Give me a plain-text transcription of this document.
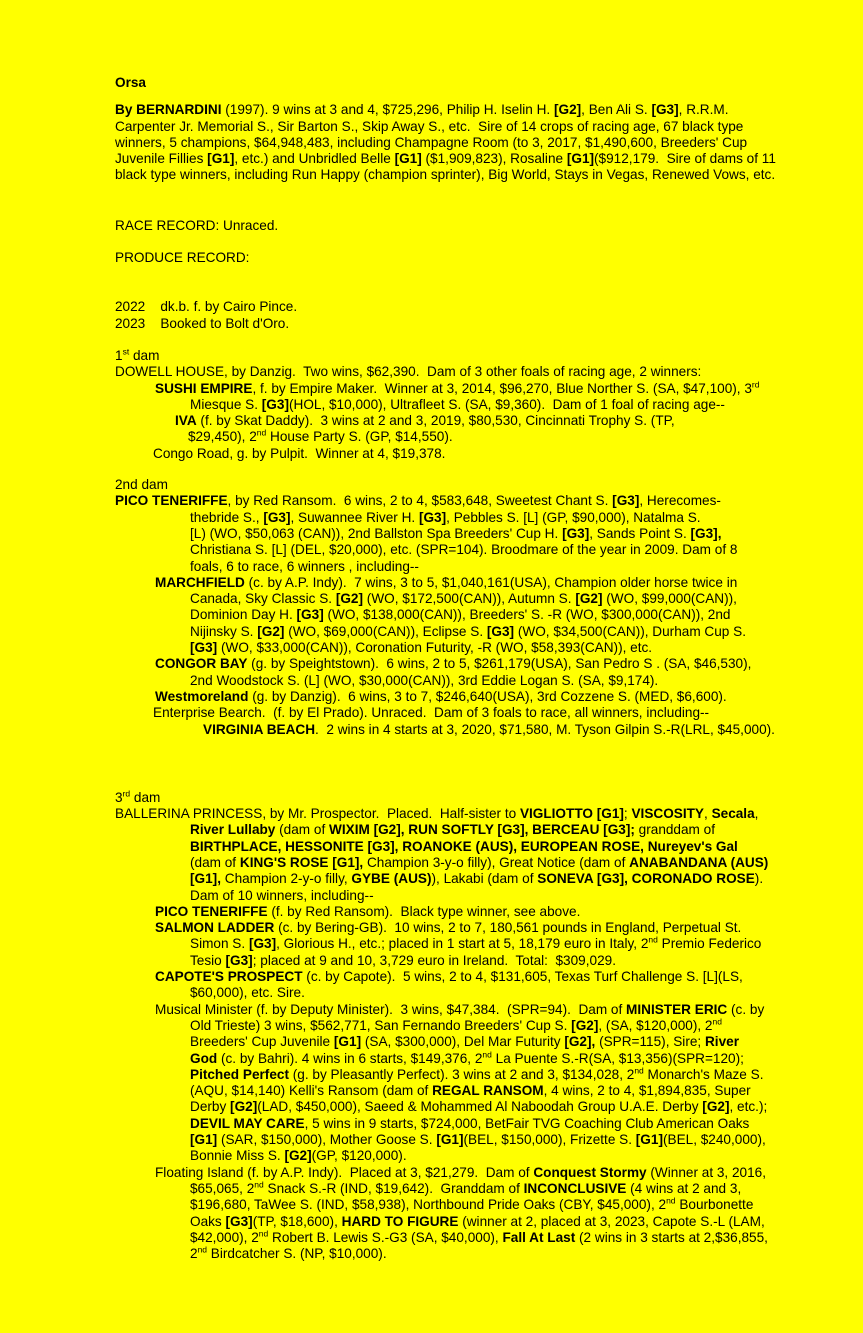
Orsa
By BERNARDINI (1997). 9 wins at 3 and 4, $725,296, Philip H. Iselin H. [G2], Ben Ali S. [G3], R.R.M.
Carpenter Jr. Memorial S., Sir Barton S., Skip Away S., etc.  Sire of 14 crops of racing age, 67 black type
winners, 5 champions, $64,948,483, including Champagne Room (to 3, 2017, $1,490,600, Breeders' Cup
Juvenile Fillies [G1], etc.) and Unbridled Belle [G1] ($1,909,823), Rosaline [G1]($912,179.  Sire of dams of 11
black type winners, including Run Happy (champion sprinter), Big World, Stays in Vegas, Renewed Vows, etc.
RACE RECORD: Unraced.
PRODUCE RECORD:
2022    dk.b. f. by Cairo Pince.
2023    Booked to Bolt d'Oro.
1st dam
DOWELL HOUSE, by Danzig.  Two wins, $62,390.  Dam of 3 other foals of racing age, 2 winners:
SUSHI EMPIRE, f. by Empire Maker.  Winner at 3, 2014, $96,270, Blue Norther S. (SA, $47,100), 3rd
Miesque S. [G3](HOL, $10,000), Ultrafleet S. (SA, $9,360).  Dam of 1 foal of racing age--
IVA (f. by Skat Daddy).  3 wins at 2 and 3, 2019, $80,530, Cincinnati Trophy S. (TP,
$29,450), 2nd House Party S. (GP, $14,550).
Congo Road, g. by Pulpit.  Winner at 4, $19,378.
2nd dam
PICO TENERIFFE, by Red Ransom.  6 wins, 2 to 4, $583,648, Sweetest Chant S. [G3], Herecomes-
thebride S., [G3], Suwannee River H. [G3], Pebbles S. [L] (GP, $90,000), Natalma S.
[L) (WO, $50,063 (CAN)), 2nd Ballston Spa Breeders' Cup H. [G3], Sands Point S. [G3],
Christiana S. [L] (DEL, $20,000), etc. (SPR=104). Broodmare of the year in 2009. Dam of 8
foals, 6 to race, 6 winners , including--
MARCHFIELD (c. by A.P. Indy).  7 wins, 3 to 5, $1,040,161(USA), Champion older horse twice in
Canada, Sky Classic S. [G2] (WO, $172,500(CAN)), Autumn S. [G2] (WO, $99,000(CAN)),
Dominion Day H. [G3] (WO, $138,000(CAN)), Breeders' S. -R (WO, $300,000(CAN)), 2nd
Nijinsky S. [G2] (WO, $69,000(CAN)), Eclipse S. [G3] (WO, $34,500(CAN)), Durham Cup S.
[G3] (WO, $33,000(CAN)), Coronation Futurity, -R (WO, $58,393(CAN)), etc.
CONGOR BAY (g. by Speightstown).  6 wins, 2 to 5, $261,179(USA), San Pedro S . (SA, $46,530),
2nd Woodstock S. (L] (WO, $30,000(CAN)), 3rd Eddie Logan S. (SA, $9,174).
Westmoreland (g. by Danzig).  6 wins, 3 to 7, $246,640(USA), 3rd Cozzene S. (MED, $6,600).
Enterprise Bearch.  (f. by El Prado). Unraced.  Dam of 3 foals to race, all winners, including--
VIRGINIA BEACH.  2 wins in 4 starts at 3, 2020, $71,580, M. Tyson Gilpin S.-R(LRL, $45,000).
3rd dam
BALLERINA PRINCESS, by Mr. Prospector.  Placed.  Half-sister to VIGLIOTTO [G1]; VISCOSITY, Secala,
River Lullaby (dam of WIXIM [G2], RUN SOFTLY [G3], BERCEAU [G3]; granddam of
BIRTHPLACE, HESSONITE [G3], ROANOKE (AUS), EUROPEAN ROSE, Nureyev's Gal
(dam of KING'S ROSE [G1], Champion 3-y-o filly), Great Notice (dam of ANABANDANA (AUS)
[G1], Champion 2-y-o filly, GYBE (AUS)), Lakabi (dam of SONEVA [G3], CORONADO ROSE).
Dam of 10 winners, including--
PICO TENERIFFE (f. by Red Ransom).  Black type winner, see above.
SALMON LADDER (c. by Bering-GB).  10 wins, 2 to 7, 180,561 pounds in England, Perpetual St.
Simon S. [G3], Glorious H., etc.; placed in 1 start at 5, 18,179 euro in Italy, 2nd Premio Federico
Tesio [G3]; placed at 9 and 10, 3,729 euro in Ireland.  Total:  $309,029.
CAPOTE'S PROSPECT (c. by Capote).  5 wins, 2 to 4, $131,605, Texas Turf Challenge S. [L](LS,
$60,000), etc. Sire.
Musical Minister (f. by Deputy Minister).  3 wins, $47,384.  (SPR=94).  Dam of MINISTER ERIC (c. by
Old Trieste) 3 wins, $562,771, San Fernando Breeders' Cup S. [G2], (SA, $120,000), 2nd
Breeders' Cup Juvenile [G1] (SA, $300,000), Del Mar Futurity [G2], (SPR=115), Sire; River
God (c. by Bahri). 4 wins in 6 starts, $149,376, 2nd La Puente S.-R(SA, $13,356)(SPR=120);
Pitched Perfect (g. by Pleasantly Perfect). 3 wins at 2 and 3, $134,028, 2nd Monarch's Maze S.
(AQU, $14,140) Kelli's Ransom (dam of REGAL RANSOM, 4 wins, 2 to 4, $1,894,835, Super
Derby [G2](LAD, $450,000), Saeed & Mohammed Al Naboodah Group U.A.E. Derby [G2], etc.);
DEVIL MAY CARE, 5 wins in 9 starts, $724,000, BetFair TVG Coaching Club American Oaks
[G1] (SAR, $150,000), Mother Goose S. [G1](BEL, $150,000), Frizette S. [G1](BEL, $240,000),
Bonnie Miss S. [G2](GP, $120,000).
Floating Island (f. by A.P. Indy).  Placed at 3, $21,279.  Dam of Conquest Stormy (Winner at 3, 2016,
$65,065, 2nd Snack S.-R (IND, $19,642).  Granddam of INCONCLUSIVE (4 wins at 2 and 3,
$196,680, TaWee S. (IND, $58,938), Northbound Pride Oaks (CBY, $45,000), 2nd Bourbonette
Oaks [G3](TP, $18,600), HARD TO FIGURE (winner at 2, placed at 3, 2023, Capote S.-L (LAM,
$42,000), 2nd Robert B. Lewis S.-G3 (SA, $40,000), Fall At Last (2 wins in 3 starts at 2,$36,855,
2nd Birdcatcher S. (NP, $10,000).
